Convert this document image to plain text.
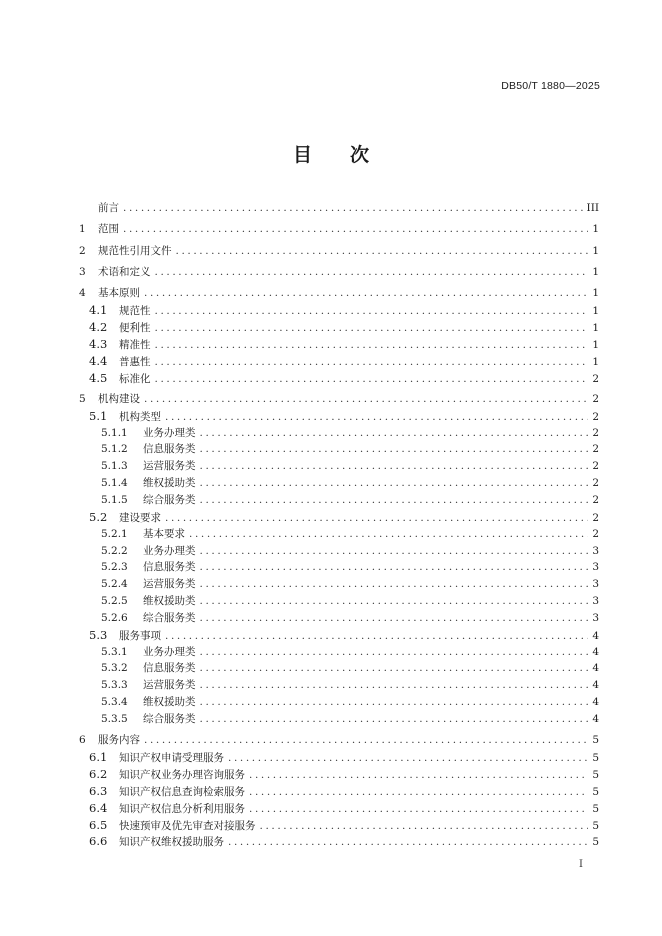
DB50/T 1880—2025
目次
前言 .....	III
1	范围 .....	1
2	规范性引用文件 .....	1
3	术语和定义 .....	1
4	基本原则 .....	1
4.1	规范性 .....	1
4.2	便利性 .....	1
4.3	精准性 .....	1
4.4	普惠性 .....	1
4.5	标准化 .....	2
5	机构建设 .....	2
5.1	机构类型 .....	2
5.1.1	业务办理类 .....	2
5.1.2	信息服务类 .....	2
5.1.3	运营服务类 .....	2
5.1.4	维权援助类 .....	2
5.1.5	综合服务类 .....	2
5.2	建设要求 .....	2
5.2.1	基本要求 .....	2
5.2.2	业务办理类 .....	3
5.2.3	信息服务类 .....	3
5.2.4	运营服务类 .....	3
5.2.5	维权援助类 .....	3
5.2.6	综合服务类 .....	3
5.3	服务事项 .....	4
5.3.1	业务办理类 .....	4
5.3.2	信息服务类 .....	4
5.3.3	运营服务类 .....	4
5.3.4	维权援助类 .....	4
5.3.5	综合服务类 .....	4
6	服务内容 .....	5
6.1	知识产权申请受理服务 .....	5
6.2	知识产权业务办理咨询服务 .....	5
6.3	知识产权信息查询检索服务 .....	5
6.4	知识产权信息分析利用服务 .....	5
6.5	快速预审及优先审查对接服务 .....	5
6.6	知识产权维权援助服务 .....	5
I
